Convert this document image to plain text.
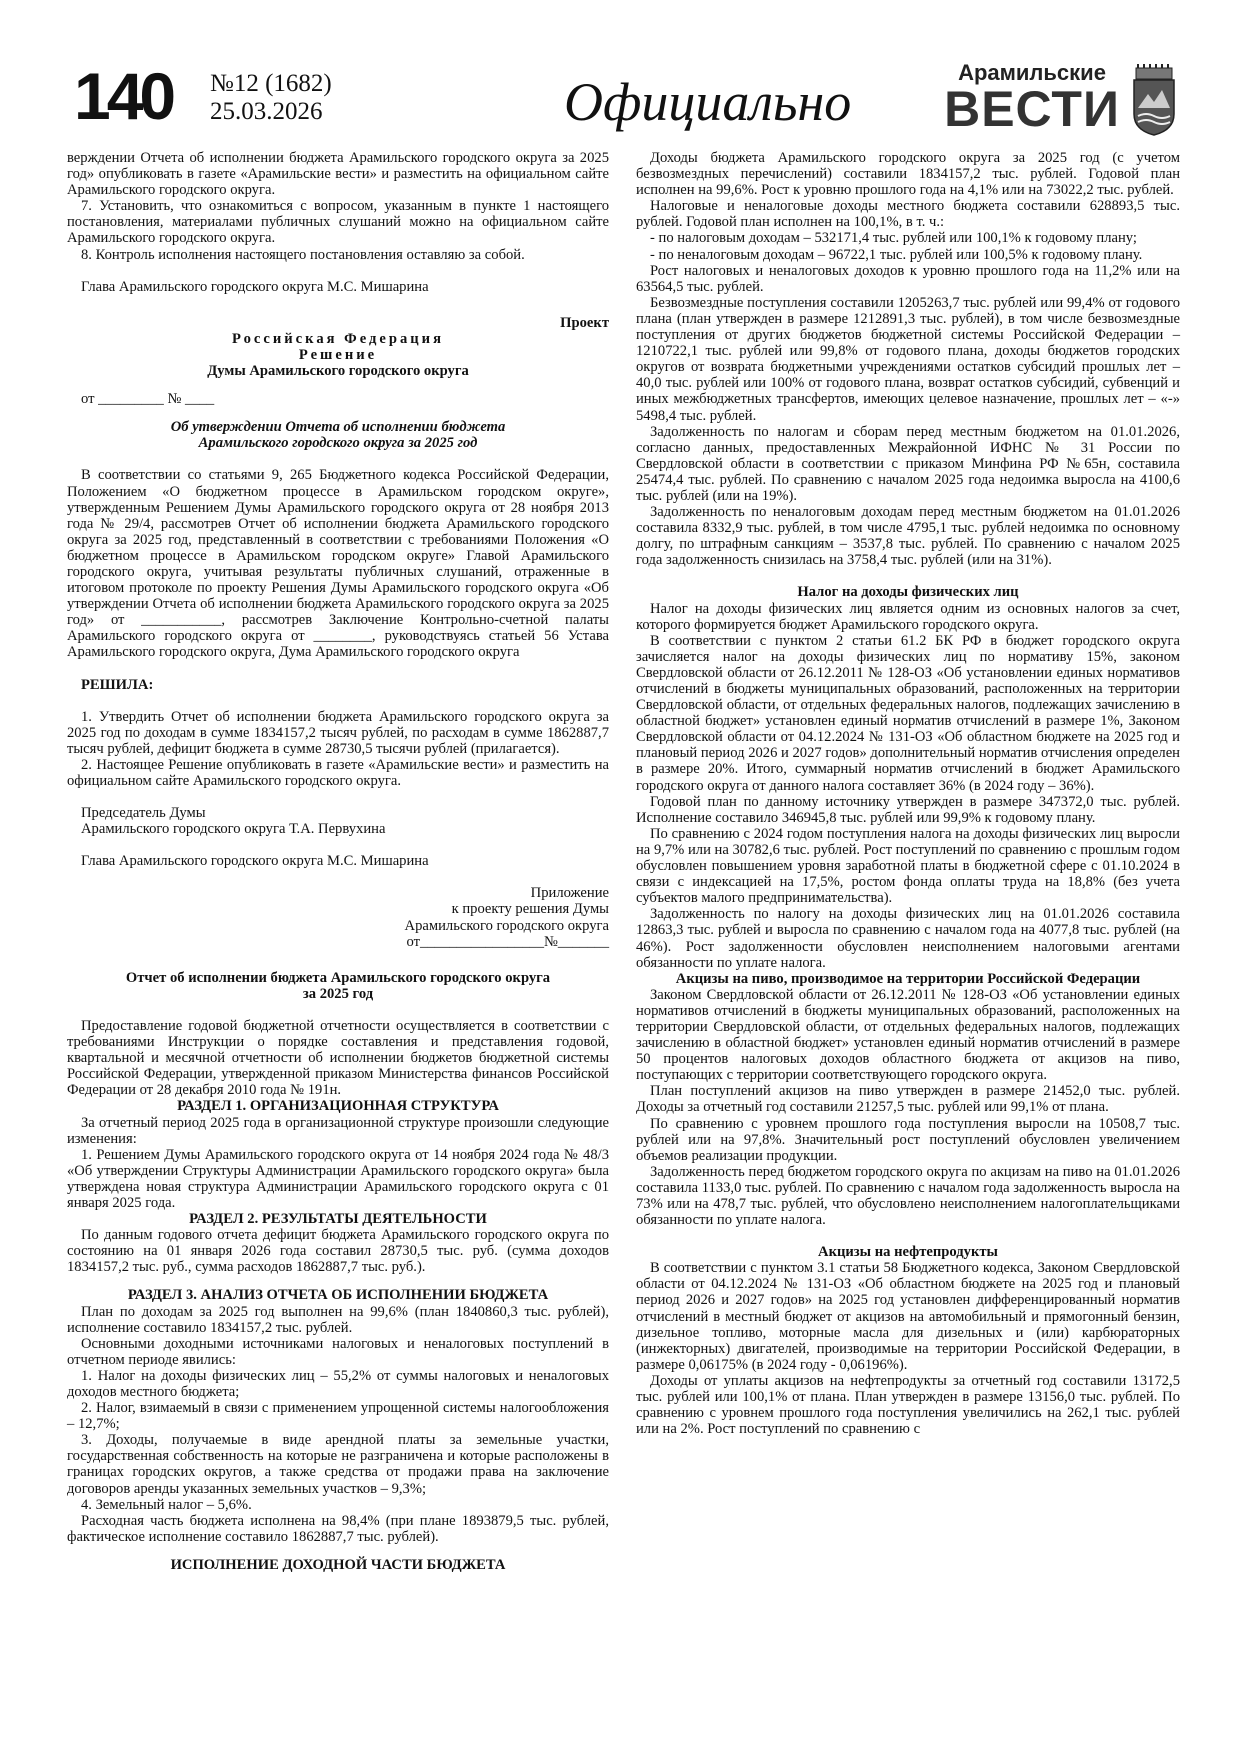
140 №12 (1682)
25.03.2026	Официально	Арамильские
ВЕСТИ

верждении Отчета об исполнении бюджета Арамильского городского округа за 2025 год» опубликовать в газете «Арамильские вести» и разместить на официальном сайте Арамильского городского округа.

7. Установить, что ознакомиться с вопросом, указанным в пункте 1 настоящего постановления, материалами публичных слушаний можно на официальном сайте Арамильского городского округа.

8. Контроль исполнения настоящего постановления оставляю за собой.

Глава Арамильского городского округа М.С. Мишарина

Проект

Российская Федерация

Решение

Думы Арамильского городского округа

от _________ № ____

Об утверждении Отчета об исполнении бюджета

Арамильского городского округа за 2025 год

В соответствии со статьями 9, 265 Бюджетного кодекса Российской Федерации, Положением «О бюджетном процессе в Арамильском городском округе», утвержденным Решением Думы Арамильского городского округа от 28 ноября 2013 года № 29/4, рассмотрев Отчет об исполнении бюджета Арамильского городского округа за 2025 год, представленный в соответствии с требованиями Положения «О бюджетном процессе в Арамильском городском округе» Главой Арамильского городского округа, учитывая результаты публичных слушаний, отраженные в итоговом протоколе по проекту Решения Думы Арамильского городского округа «Об утверждении Отчета об исполнении бюджета Арамильского городского округа за 2025 год» от ___________, рассмотрев Заключение Контрольно-счетной палаты Арамильского городского округа от ________, руководствуясь статьей 56 Устава Арамильского городского округа, Дума Арамильского городского округа

РЕШИЛА:

1. Утвердить Отчет об исполнении бюджета Арамильского городского округа за 2025 год по доходам в сумме 1834157,2 тысяч рублей, по расходам в сумме 1862887,7 тысяч рублей, дефицит бюджета в сумме 28730,5 тысячи рублей (прилагается).

2. Настоящее Решение опубликовать в газете «Арамильские вести» и разместить на официальном сайте Арамильского городского округа.

Председатель Думы

Арамильского городского округа Т.А. Первухина

Глава Арамильского городского округа М.С. Мишарина

Приложение

к проекту решения Думы

Арамильского городского округа

от_________________№_______

Отчет об исполнении бюджета Арамильского городского округа

за 2025 год

Предоставление годовой бюджетной отчетности осуществляется в соответствии с требованиями Инструкции о порядке составления и представления годовой, квартальной и месячной отчетности об исполнении бюджетов бюджетной системы Российской Федерации, утвержденной приказом Министерства финансов Российской Федерации от 28 декабря 2010 года № 191н.

РАЗДЕЛ 1. ОРГАНИЗАЦИОННАЯ СТРУКТУРА

За отчетный период 2025 года в организационной структуре произошли следующие изменения:

1. Решением Думы Арамильского городского округа от 14 ноября 2024 года № 48/3 «Об утверждении Структуры Администрации Арамильского городского округа» была утверждена новая структура Администрации Арамильского городского округа с 01 января 2025 года.

РАЗДЕЛ 2. РЕЗУЛЬТАТЫ ДЕЯТЕЛЬНОСТИ

По данным годового отчета дефицит бюджета Арамильского городского округа по состоянию на 01 января 2026 года составил 28730,5 тыс. руб. (сумма доходов 1834157,2 тыс. руб., сумма расходов 1862887,7 тыс. руб.).

РАЗДЕЛ 3. АНАЛИЗ ОТЧЕТА ОБ ИСПОЛНЕНИИ БЮДЖЕТА

План по доходам за 2025 год выполнен на 99,6% (план 1840860,3 тыс. рублей), исполнение составило 1834157,2 тыс. рублей.

Основными доходными источниками налоговых и неналоговых поступлений в отчетном периоде явились:

1. Налог на доходы физических лиц – 55,2% от суммы налоговых и неналоговых доходов местного бюджета;

2. Налог, взимаемый в связи с применением упрощенной системы налогообложения – 12,7%;

3. Доходы, получаемые в виде арендной платы за земельные участки, государственная собственность на которые не разграничена и которые расположены в границах городских округов, а также средства от продажи права на заключение договоров аренды указанных земельных участков – 9,3%;

4. Земельный налог – 5,6%.

Расходная часть бюджета исполнена на 98,4% (при плане 1893879,5 тыс. рублей, фактическое исполнение составило 1862887,7 тыс. рублей).

ИСПОЛНЕНИЕ ДОХОДНОЙ ЧАСТИ БЮДЖЕТА

Доходы бюджета Арамильского городского округа за 2025 год (с учетом безвозмездных перечислений) составили 1834157,2 тыс. рублей. Годовой план исполнен на 99,6%. Рост к уровню прошлого года на 4,1% или на 73022,2 тыс. рублей.

Налоговые и неналоговые доходы местного бюджета составили 628893,5 тыс. рублей. Годовой план исполнен на 100,1%, в т. ч.:

- по налоговым доходам – 532171,4 тыс. рублей или 100,1% к годовому плану;

- по неналоговым доходам – 96722,1 тыс. рублей или 100,5% к годовому плану.

Рост налоговых и неналоговых доходов к уровню прошлого года на 11,2% или на 63564,5 тыс. рублей.

Безвозмездные поступления составили 1205263,7 тыс. рублей или 99,4% от годового плана (план утвержден в размере 1212891,3 тыс. рублей), в том числе безвозмездные поступления от других бюджетов бюджетной системы Российской Федерации – 1210722,1 тыс. рублей или 99,8% от годового плана, доходы бюджетов городских округов от возврата бюджетными учреждениями остатков субсидий прошлых лет – 40,0 тыс. рублей или 100% от годового плана, возврат остатков субсидий, субвенций и иных межбюджетных трансфертов, имеющих целевое назначение, прошлых лет – «-» 5498,4 тыс. рублей.

Задолженность по налогам и сборам перед местным бюджетом на 01.01.2026, согласно данных, предоставленных Межрайонной ИФНС № 31 России по Свердловской области в соответствии с приказом Минфина РФ №65н, составила 25474,4 тыс. рублей. По сравнению с началом 2025 года недоимка выросла на 4100,6 тыс. рублей (или на 19%).

Задолженность по неналоговым доходам перед местным бюджетом на 01.01.2026 составила 8332,9 тыс. рублей, в том числе 4795,1 тыс. рублей недоимка по основному долгу, по штрафным санкциям – 3537,8 тыс. рублей. По сравнению с началом 2025 года задолженность снизилась на 3758,4 тыс. рублей (или на 31%).

Налог на доходы физических лиц

Налог на доходы физических лиц является одним из основных налогов за счет, которого формируется бюджет Арамильского городского округа.

В соответствии с пунктом 2 статьи 61.2 БК РФ в бюджет городского округа зачисляется налог на доходы физических лиц по нормативу 15%, законом Свердловской области от 26.12.2011 № 128-ОЗ «Об установлении единых нормативов отчислений в бюджеты муниципальных образований, расположенных на территории Свердловской области, от отдельных федеральных налогов, подлежащих зачислению в областной бюджет» установлен единый норматив отчислений в размере 1%, Законом Свердловской области от 04.12.2024 № 131-ОЗ «Об областном бюджете на 2025 год и плановый период 2026 и 2027 годов» дополнительный норматив отчисления определен в размере 20%. Итого, суммарный норматив отчислений в бюджет Арамильского городского округа от данного налога составляет 36% (в 2024 году – 36%).

Годовой план по данному источнику утвержден в размере 347372,0 тыс. рублей. Исполнение составило 346945,8 тыс. рублей или 99,9% к годовому плану.

По сравнению с 2024 годом поступления налога на доходы физических лиц выросли на 9,7% или на 30782,6 тыс. рублей. Рост поступлений по сравнению с прошлым годом обусловлен повышением уровня заработной платы в бюджетной сфере с 01.10.2024 в связи с индексацией на 17,5%, ростом фонда оплаты труда на 18,8% (без учета субъектов малого предпринимательства).

Задолженность по налогу на доходы физических лиц на 01.01.2026 составила 12863,3 тыс. рублей и выросла по сравнению с началом года на 4077,8 тыс. рублей (на 46%). Рост задолженности обусловлен неисполнением налоговыми агентами обязанности по уплате налога.

Акцизы на пиво, производимое на территории Российской Федерации

Законом Свердловской области от 26.12.2011 № 128-ОЗ «Об установлении единых нормативов отчислений в бюджеты муниципальных образований, расположенных на территории Свердловской области, от отдельных федеральных налогов, подлежащих зачислению в областной бюджет» установлен единый норматив отчислений в размере 50 процентов налоговых доходов областного бюджета от акцизов на пиво, поступающих с территории соответствующего городского округа.

План поступлений акцизов на пиво утвержден в размере 21452,0 тыс. рублей. Доходы за отчетный год составили 21257,5 тыс. рублей или 99,1% от плана.

По сравнению с уровнем прошлого года поступления выросли на 10508,7 тыс. рублей или на 97,8%. Значительный рост поступлений обусловлен увеличением объемов реализации продукции.

Задолженность перед бюджетом городского округа по акцизам на пиво на 01.01.2026 составила 1133,0 тыс. рублей. По сравнению с началом года задолженность выросла на 73% или на 478,7 тыс. рублей, что обусловлено неисполнением налогоплательщиками обязанности по уплате налога.

Акцизы на нефтепродукты

В соответствии с пунктом 3.1 статьи 58 Бюджетного кодекса, Законом Свердловской области от 04.12.2024 № 131-ОЗ «Об областном бюджете на 2025 год и плановый период 2026 и 2027 годов» на 2025 год установлен дифференцированный норматив отчислений в местный бюджет от акцизов на автомобильный и прямогонный бензин, дизельное топливо, моторные масла для дизельных и (или) карбюраторных (инжекторных) двигателей, производимые на территории Российской Федерации, в размере 0,06175% (в 2024 году - 0,06196%).

Доходы от уплаты акцизов на нефтепродукты за отчетный год составили 13172,5 тыс. рублей или 100,1% от плана. План утвержден в размере 13156,0 тыс. рублей. По сравнению с уровнем прошлого года поступления увеличились на 262,1 тыс. рублей или на 2%. Рост поступлений по сравнению с
